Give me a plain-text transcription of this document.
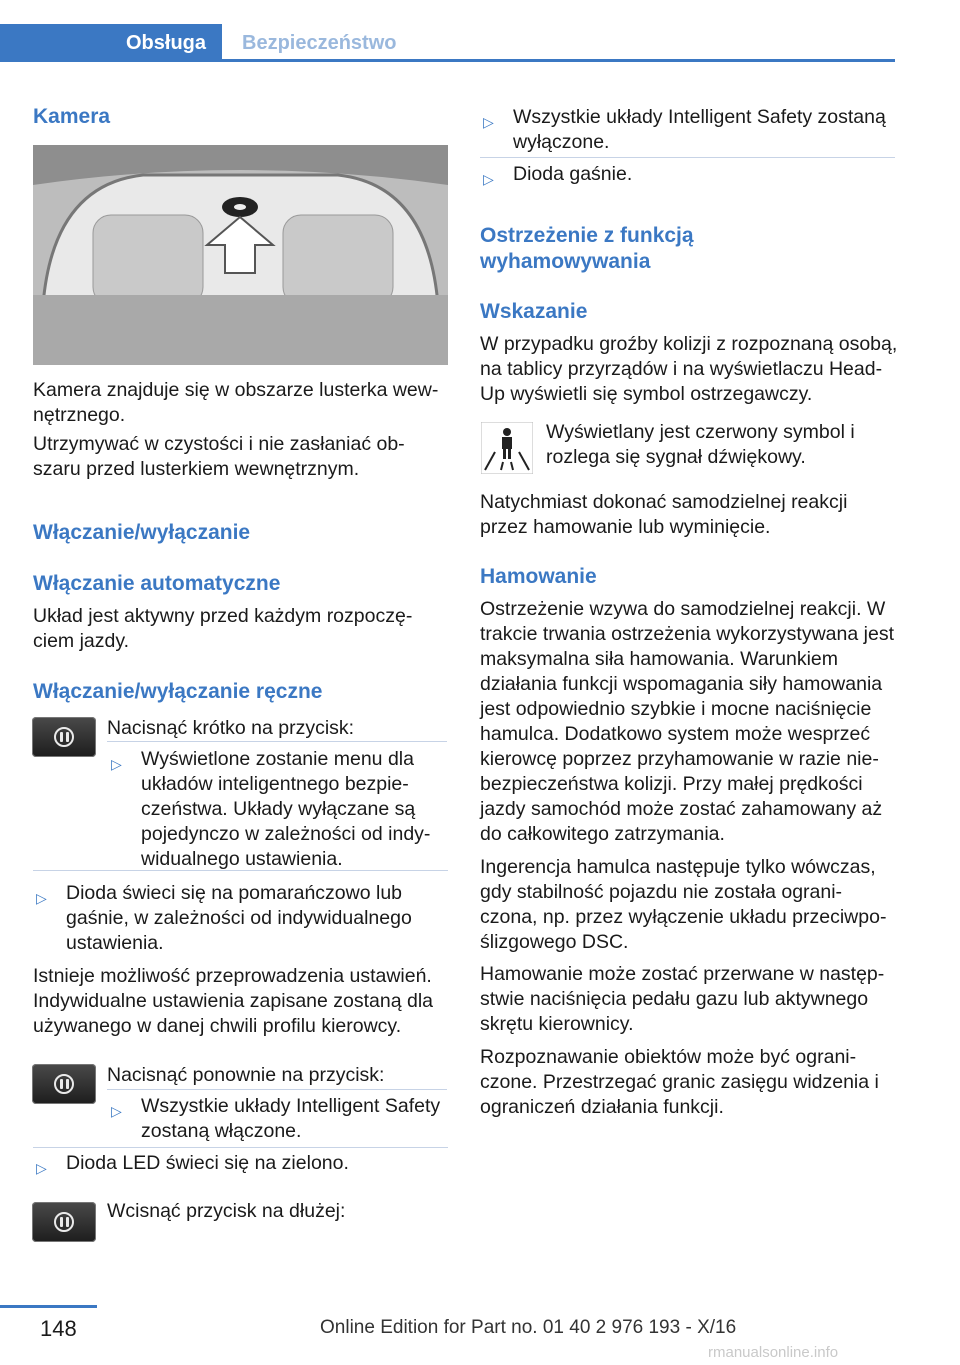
Obsługa Bezpieczeństwo
Kamera

Kamera znajduje się w obszarze lusterka wew-nętrznego.

Utrzymywać w czystości i nie zasłaniać ob-szaru przed lusterkiem wewnętrznym.

Włączanie/wyłączanie
Włączanie automatyczne

Układ jest aktywny przed każdym rozpoczę-ciem jazdy.

Włączanie/wyłączanie ręczne

Nacisnąć krótko na przycisk:

▷ Wyświetlone zostanie menu dla układów inteligentnego bezpie-czeństwa. Układy wyłączane są pojedynczo w zależności od indy-widualnego ustawienia.

▷ Dioda świeci się na pomarańczowo lub gaśnie, w zależności od indywidualnego ustawienia.

Istnieje możliwość przeprowadzenia ustawień. Indywidualne ustawienia zapisane zostaną dla używanego w danej chwili profilu kierowcy.

Nacisnąć ponownie na przycisk:

▷ Wszystkie układy Intelligent Safety zostaną włączone.

▷ Dioda LED świeci się na zielono.

Wcisnąć przycisk na dłużej:

▷ Wszystkie układy Intelligent Safety zostaną wyłączone.

▷ Dioda gaśnie.

Ostrzeżenie z funkcją wyhamowywania
Wskazanie

W przypadku groźby kolizji z rozpoznaną osobą, na tablicy przyrządów i na wyświetlaczu Head-Up wyświetli się symbol ostrzegawczy.

Wyświetlany jest czerwony symbol i rozlega się sygnał dźwiękowy.

Natychmiast dokonać samodzielnej reakcji przez hamowanie lub wyminięcie.

Hamowanie

Ostrzeżenie wzywa do samodzielnej reakcji. W trakcie trwania ostrzeżenia wykorzystywana jest maksymalna siła hamowania. Warunkiem działania funkcji wspomagania siły hamowania jest odpowiednio szybkie i mocne naciśnięcie hamulca. Dodatkowo system może wesprzeć kierowcę poprzez przyhamowanie w razie nie-bezpieczeństwa kolizji. Przy małej prędkości jazdy samochód może zostać zahamowany aż do całkowitego zatrzymania.

Ingerencja hamulca następuje tylko wówczas, gdy stabilność pojazdu nie została ograni-czona, np. przez wyłączenie układu przeciwpo-ślizgowego DSC.

Hamowanie może zostać przerwane w następ-stwie naciśnięcia pedału gazu lub aktywnego skrętu kierownicy.

Rozpoznawanie obiektów może być ograni-czone. Przestrzegać granic zasięgu widzenia i ograniczeń działania funkcji.

148	Online Edition for Part no. 01 40 2 976 193 - X/16
rmanualsonline.info
